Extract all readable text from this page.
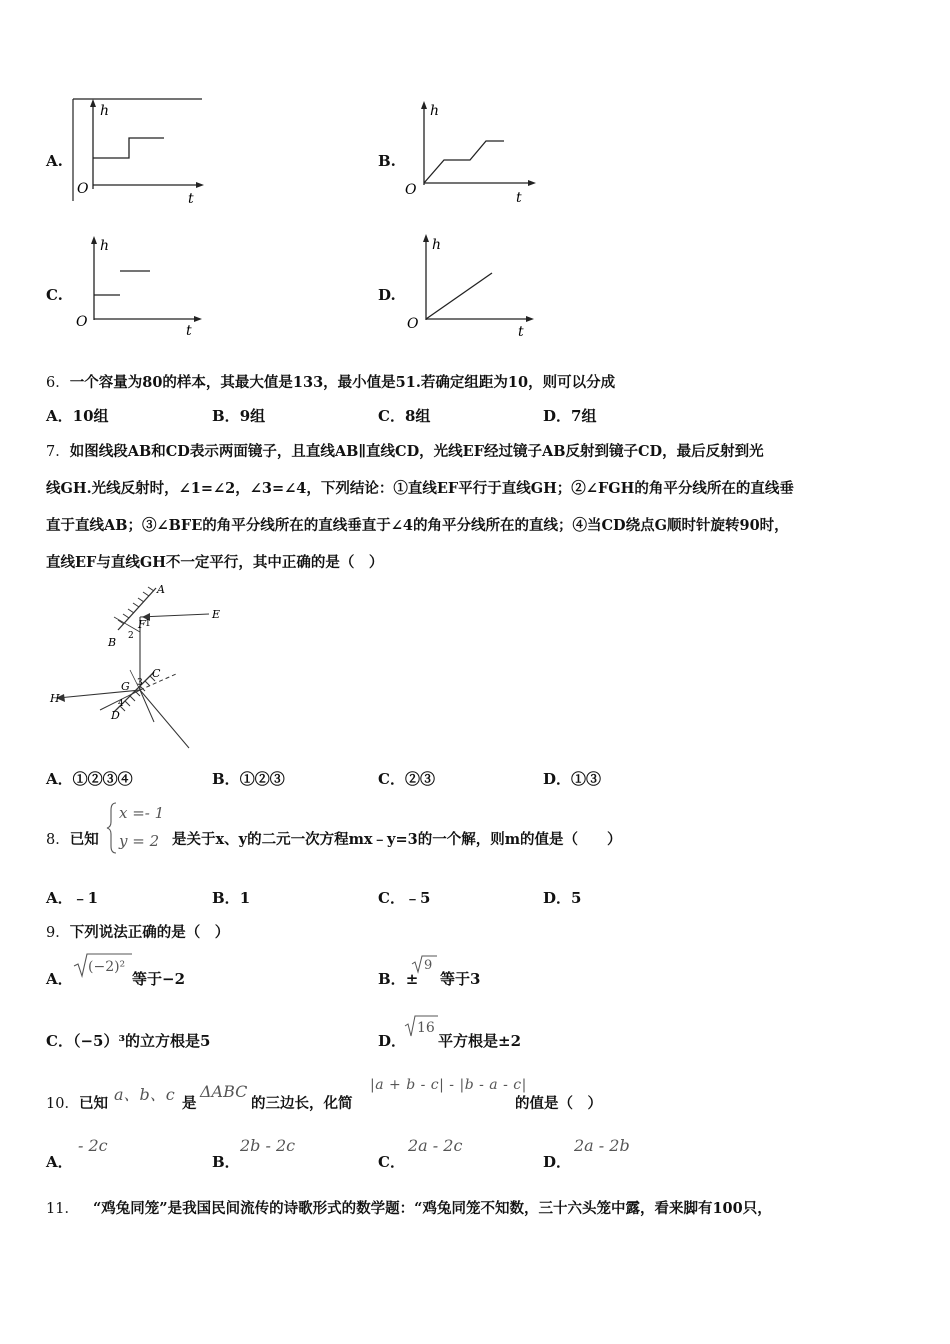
A.
h
O
t
B.
h
O	t
C.
h
O
t
D.
h
O	t
6．一个容量为80的样本，其最大值是133，最小值是51.若确定组距为10，则可以分成
A．10组	B．9组	C．8组	D．7组
7．如图线段AB和CD表示两面镜子，且直线AB∥直线CD，光线EF经过镜子AB反射到镜子CD，最后反射到光
线GH.光线反射时，∠1=∠2，∠3=∠4，下列结论：①直线EF平行于直线GH；②∠FGH的角平分线所在的直线垂
直于直线AB；③∠BFE的角平分线所在的直线垂直于∠4的角平分线所在的直线；④当CD绕点G顺时针旋转90时，
直线EF与直线GH不一定平行，其中正确的是（　）
A
B
C
D
E
F
G
H
1
2
3
4
A．①②③④	B．①②③	C．②③	D．①③
8．已知
x =- 1
y = 2 是关于x、y的二元一次方程mx﹣y=3的一个解，则m的值是（　　）
A．﹣1	B．1	C．﹣5	D．5
9．下列说法正确的是（　）
A．
(−2)²
等于−2	B．±
9
等于3
C．（−5）³的立方根是5	D．
16
平方根是±2
10．已知 a、b、c 是
ΔABC
的三边长，化简
|a + b - c| - |b - a - c|
的值是（　）
A．
- 2c
B．
2b - 2c
C．
2a - 2c
D．
2a - 2b
11． “鸡兔同笼”是我国民间流传的诗歌形式的数学题：“鸡兔同笼不知数，三十六头笼中露，看来脚有100只，
